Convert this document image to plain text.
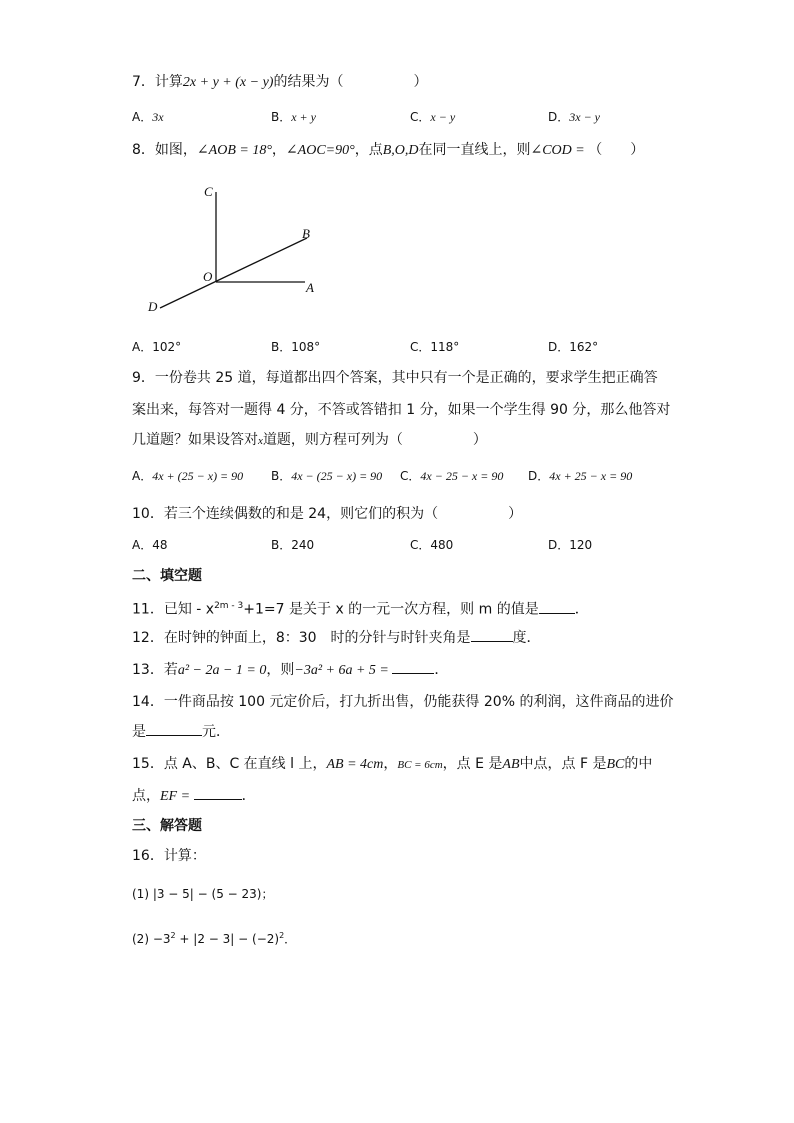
7．计算2x + y + (x − y)的结果为（　　　　　）
A．3x	B．x + y	C．x − y	D．3x − y
8．如图，∠AOB = 18°，∠AOC=90°，点B,O,D在同一直线上，则∠COD = （　　）
C
B
O
A
D
A．102°	B．108°	C．118°	D．162°
9．一份卷共 25 道，每道都出四个答案，其中只有一个是正确的，要求学生把正确答
案出来，每答对一题得 4 分，不答或答错扣 1 分，如果一个学生得 90 分，那么他答对
几道题？如果设答对x道题，则方程可列为（　　　　　）
A．4x + (25 − x) = 90 B．4x − (25 − x) = 90 C．4x − 25 − x = 90 D．4x + 25 − x = 90
10．若三个连续偶数的和是 24，则它们的积为（　　　　　）
A．48	B．240	C．480	D．120
二、填空题
11．已知 - $x^{2m - 3}+1=7$ 是关于 x 的一元一次方程，则 m 的值是	．
12．在时钟的钟面上，8：30　时的分针与时针夹角是	度．
13．若a² − 2a − 1 = 0，则−3a² + 6a + 5 =	．
14．一件商品按 100 元定价后，打九折出售，仍能获得 20% 的利润，这件商品的进价
是	元．
15．点 A、B、C 在直线 l 上，AB = 4cm，BC = 6cm，点 E 是AB中点，点 F 是BC的中
点，EF =	．
三、解答题
16．计算：
(1) |3 − 5| − (5 − 23)；
$(2) -3^2 + |2 - 3| - (-2)^2$．
